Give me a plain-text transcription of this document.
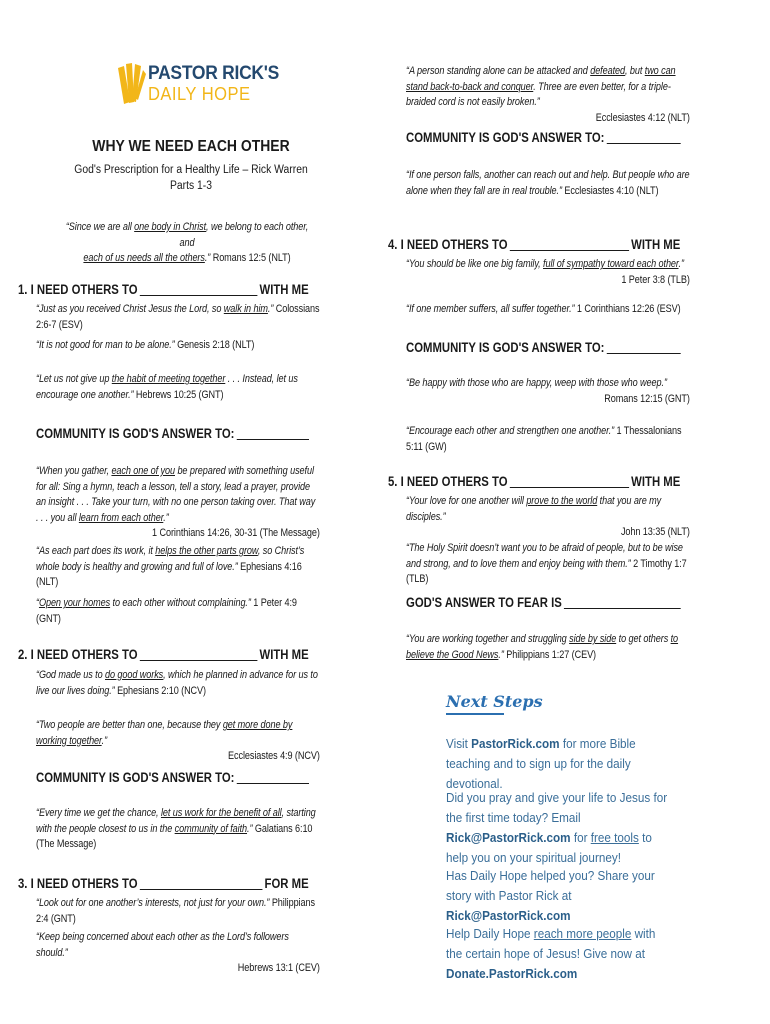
PASTOR RICK'S
DAILY HOPE
WHY WE NEED EACH OTHER
God's Prescription for a Healthy Life – Rick Warren
Parts 1-3
“Since we are all one body in Christ, we belong to each other, and
each of us needs all the others.” Romans 12:5 (NLT)
1. I NEED OTHERS TO	WITH ME
“Just as you received Christ Jesus the Lord, so walk in him.” Colossians 2:6-7 (ESV)
“It is not good for man to be alone.” Genesis 2:18 (NLT)
“Let us not give up the habit of meeting together . . . Instead, let us encourage one another.” Hebrews 10:25 (GNT)
COMMUNITY IS GOD'S ANSWER TO:
“When you gather, each one of you be prepared with something useful for all: Sing a hymn, teach a lesson, tell a story, lead a prayer, provide an insight . . . Take your turn, with no one person taking over. That way . . . you all learn from each other.”
1 Corinthians 14:26, 30-31 (The Message)
“As each part does its work, it helps the other parts grow, so Christ’s whole body is healthy and growing and full of love.” Ephesians 4:16 (NLT)
“Open your homes to each other without complaining.” 1 Peter 4:9 (GNT)
2. I NEED OTHERS TO	WITH ME
“God made us to do good works, which he planned in advance for us to live our lives doing.” Ephesians 2:10 (NCV)
“Two people are better than one, because they get more done by working together.”
Ecclesiastes 4:9 (NCV)
COMMUNITY IS GOD'S ANSWER TO:
“Every time we get the chance, let us work for the benefit of all, starting with the people closest to us in the community of faith.” Galatians 6:10 (The Message)
3. I NEED OTHERS TO	FOR ME
“Look out for one another’s interests, not just for your own.” Philippians 2:4 (GNT)
“Keep being concerned about each other as the Lord’s followers should.”
Hebrews 13:1 (CEV)
“A person standing alone can be attacked and defeated, but two can stand back-to-back and conquer. Three are even better, for a triple-braided cord is not easily broken.”
Ecclesiastes 4:12 (NLT)
COMMUNITY IS GOD'S ANSWER TO:
“If one person falls, another can reach out and help. But people who are alone when they fall are in real trouble.” Ecclesiastes 4:10 (NLT)
4. I NEED OTHERS TO	WITH ME
“You should be like one big family, full of sympathy toward each other.”
1 Peter 3:8 (TLB)
“If one member suffers, all suffer together.” 1 Corinthians 12:26 (ESV)
COMMUNITY IS GOD'S ANSWER TO:
“Be happy with those who are happy, weep with those who weep.”
Romans 12:15 (GNT)
“Encourage each other and strengthen one another.” 1 Thessalonians 5:11 (GW)
5. I NEED OTHERS TO	WITH ME
“Your love for one another will prove to the world that you are my disciples.”
John 13:35 (NLT)
“The Holy Spirit doesn’t want you to be afraid of people, but to be wise and strong, and to love them and enjoy being with them.” 2 Timothy 1:7 (TLB)
GOD'S ANSWER TO FEAR IS
“You are working together and struggling side by side to get others to believe the Good News.” Philippians 1:27 (CEV)
Next Steps
Visit PastorRick.com for more Bible teaching and to sign up for the daily devotional.
Did you pray and give your life to Jesus for the first time today? Email Rick@PastorRick.com for free tools to help you on your spiritual journey!
Has Daily Hope helped you? Share your story with Pastor Rick at Rick@PastorRick.com
Help Daily Hope reach more people with the certain hope of Jesus! Give now at Donate.PastorRick.com
